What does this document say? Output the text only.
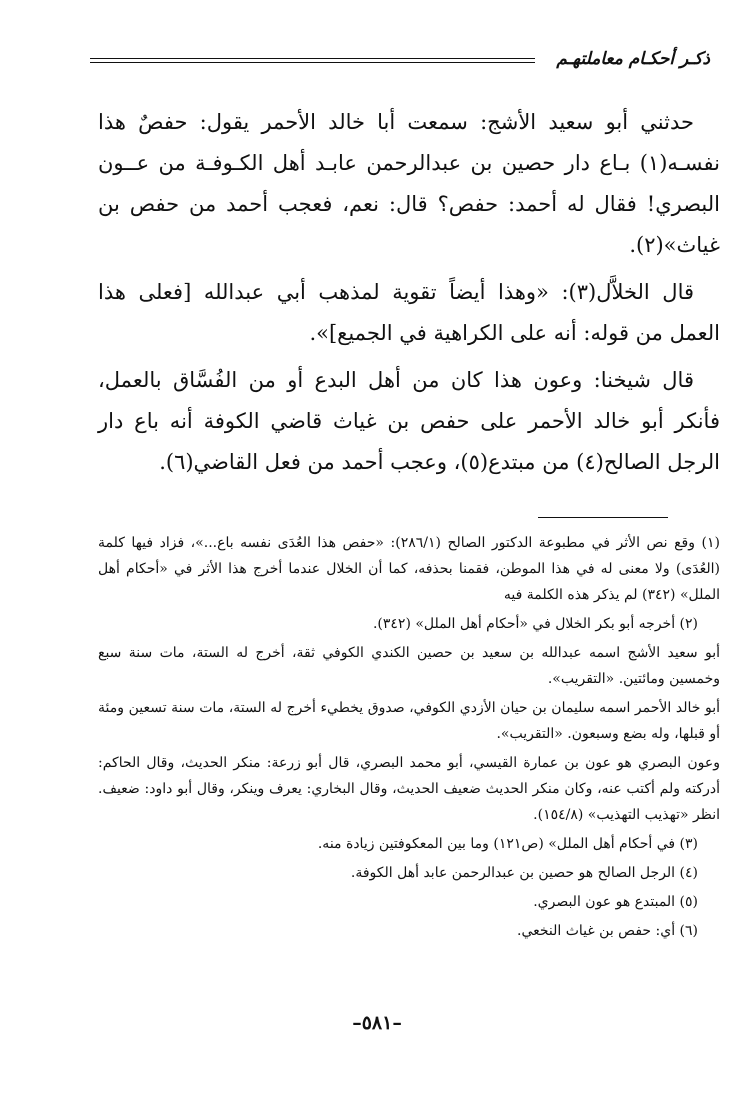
ذكـر أحكـام معاملتهـم

حدثني أبو سعيد الأشج: سمعت أبا خالد الأحمر يقول: حفصٌ هذا نفسـه(١) بـاع دار حصين بن عبدالرحمن عابـد أهل الكـوفـة من عــون البصري! فقال له أحمد: حفص؟ قال: نعم، فعجب أحمد من حفص بن غياث»(٢).

قال الخلاَّل(٣): «وهذا أيضاً تقوية لمذهب أبي عبدالله [فعلى هذا العمل من قوله: أنه على الكراهية في الجميع]».

قال شيخنا: وعون هذا كان من أهل البدع أو من الفُسَّاق بالعمل، فأنكر أبو خالد الأحمر على حفص بن غياث قاضي الكوفة أنه باع دار الرجل الصالح(٤) من مبتدع(٥)، وعجب أحمد من فعل القاضي(٦).

(١) وقع نص الأثر في مطبوعة الدكتور الصالح (٢٨٦/١): «حفص هذا العُدَى نفسه باع...»، فزاد فيها كلمة (العُدَى) ولا معنى له في هذا الموطن، فقمنا بحذفه، كما أن الخلال عندما أخرج هذا الأثر في «أحكام أهل الملل» (٣٤٢) لم يذكر هذه الكلمة فيه

(٢) أخرجه أبو بكر الخلال في «أحكام أهل الملل» (٣٤٢).

أبو سعيد الأشج اسمه عبدالله بن سعيد بن حصين الكندي الكوفي ثقة، أخرج له الستة، مات سنة سبع وخمسين ومائتين. «التقريب».

أبو خالد الأحمر اسمه سليمان بن حيان الأزدي الكوفي، صدوق يخطيء أخرج له الستة، مات سنة تسعين ومئة أو قبلها، وله بضع وسبعون. «التقريب».

وعون البصري هو عون بن عمارة القيسي، أبو محمد البصري، قال أبو زرعة: منكر الحديث، وقال الحاكم: أدركته ولم أكتب عنه، وكان منكر الحديث ضعيف الحديث، وقال البخاري: يعرف وينكر، وقال أبو داود: ضعيف. انظر «تهذيب التهذيب» (١٥٤/٨).

(٣) في أحكام أهل الملل» (ص١٢١) وما بين المعكوفتين زيادة منه.

(٤) الرجل الصالح هو حصين بن عبدالرحمن عابد أهل الكوفة.

(٥) المبتدع هو عون البصري.

(٦) أي: حفص بن غياث النخعي.

–٥٨١–
